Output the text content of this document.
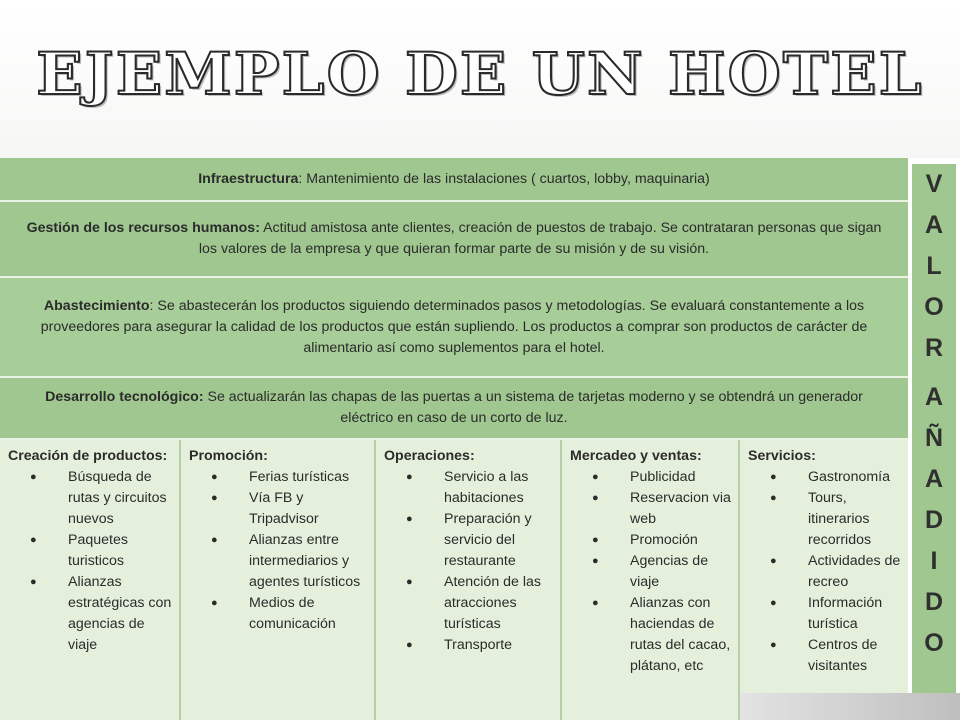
EJEMPLO DE UN HOTEL
Infraestructura: Mantenimiento de las instalaciones ( cuartos, lobby, maquinaria)
Gestión de los recursos humanos: Actitud amistosa ante clientes, creación de puestos de trabajo. Se contrataran personas que sigan los valores de la empresa y que quieran formar parte de su misión y de su visión.
Abastecimiento: Se abastecerán los productos siguiendo determinados pasos y metodologías. Se evaluará constantemente a los proveedores para asegurar la calidad de los productos que están supliendo. Los productos a comprar son productos de carácter de alimentario así como suplementos para el hotel.
Desarrollo tecnológico: Se actualizarán las chapas de las puertas a un sistema de tarjetas moderno y se obtendrá un generador eléctrico en caso de un corto de luz.
Creación de productos:
● Búsqueda de rutas y circuitos nuevos
● Paquetes turisticos
● Alianzas estratégicas con agencias de viaje
Promoción:
● Ferias turísticas
● Vía FB y Tripadvisor
● Alianzas entre intermediarios y agentes turísticos
● Medios de comunicación
Operaciones:
● Servicio a las habitaciones
● Preparación y servicio del restaurante
● Atención de las atracciones turísticas
● Transporte
Mercadeo y ventas:
● Publicidad
● Reservacion via web
● Promoción
● Agencias de viaje
● Alianzas con haciendas de rutas del cacao, plátano, etc
Servicios:
● Gastronomía
● Tours, itinerarios recorridos
● Actividades de recreo
● Información turística
● Centros de visitantes
V
A
L
O
R
A
Ñ
A
D
I
D
O
